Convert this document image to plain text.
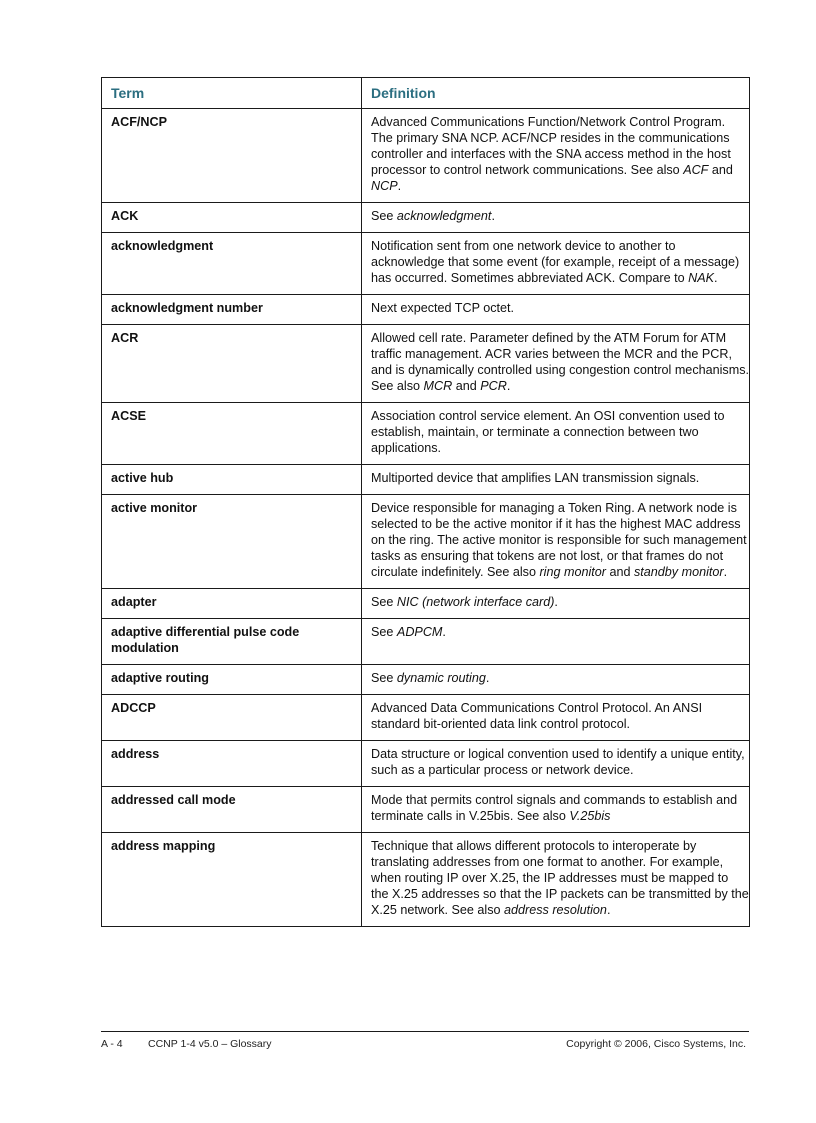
Term	Definition
ACF/NCP	Advanced Communications Function/Network Control Program. The primary SNA NCP. ACF/NCP resides in the communications controller and interfaces with the SNA access method in the host processor to control network communications. See also ACF and NCP.
ACK	See acknowledgment.
acknowledgment	Notification sent from one network device to another to acknowledge that some event (for example, receipt of a message) has occurred. Sometimes abbreviated ACK. Compare to NAK.
acknowledgment number	Next expected TCP octet.
ACR	Allowed cell rate. Parameter defined by the ATM Forum for ATM traffic management. ACR varies between the MCR and the PCR, and is dynamically controlled using congestion control mechanisms. See also MCR and PCR.
ACSE	Association control service element. An OSI convention used to establish, maintain, or terminate a connection between two applications.
active hub	Multiported device that amplifies LAN transmission signals.
active monitor	Device responsible for managing a Token Ring. A network node is selected to be the active monitor if it has the highest MAC address on the ring. The active monitor is responsible for such management tasks as ensuring that tokens are not lost, or that frames do not circulate indefinitely. See also ring monitor and standby monitor.
adapter	See NIC (network interface card).
adaptive differential pulse code modulation	See ADPCM.
adaptive routing	See dynamic routing.
ADCCP	Advanced Data Communications Control Protocol. An ANSI standard bit-oriented data link control protocol.
address	Data structure or logical convention used to identify a unique entity, such as a particular process or network device.
addressed call mode	Mode that permits control signals and commands to establish and terminate calls in V.25bis. See also V.25bis
address mapping	Technique that allows different protocols to interoperate by translating addresses from one format to another. For example, when routing IP over X.25, the IP addresses must be mapped to the X.25 addresses so that the IP packets can be transmitted by the X.25 network. See also address resolution.
A - 4 CCNP 1-4 v5.0 – Glossary	Copyright © 2006, Cisco Systems, Inc.
